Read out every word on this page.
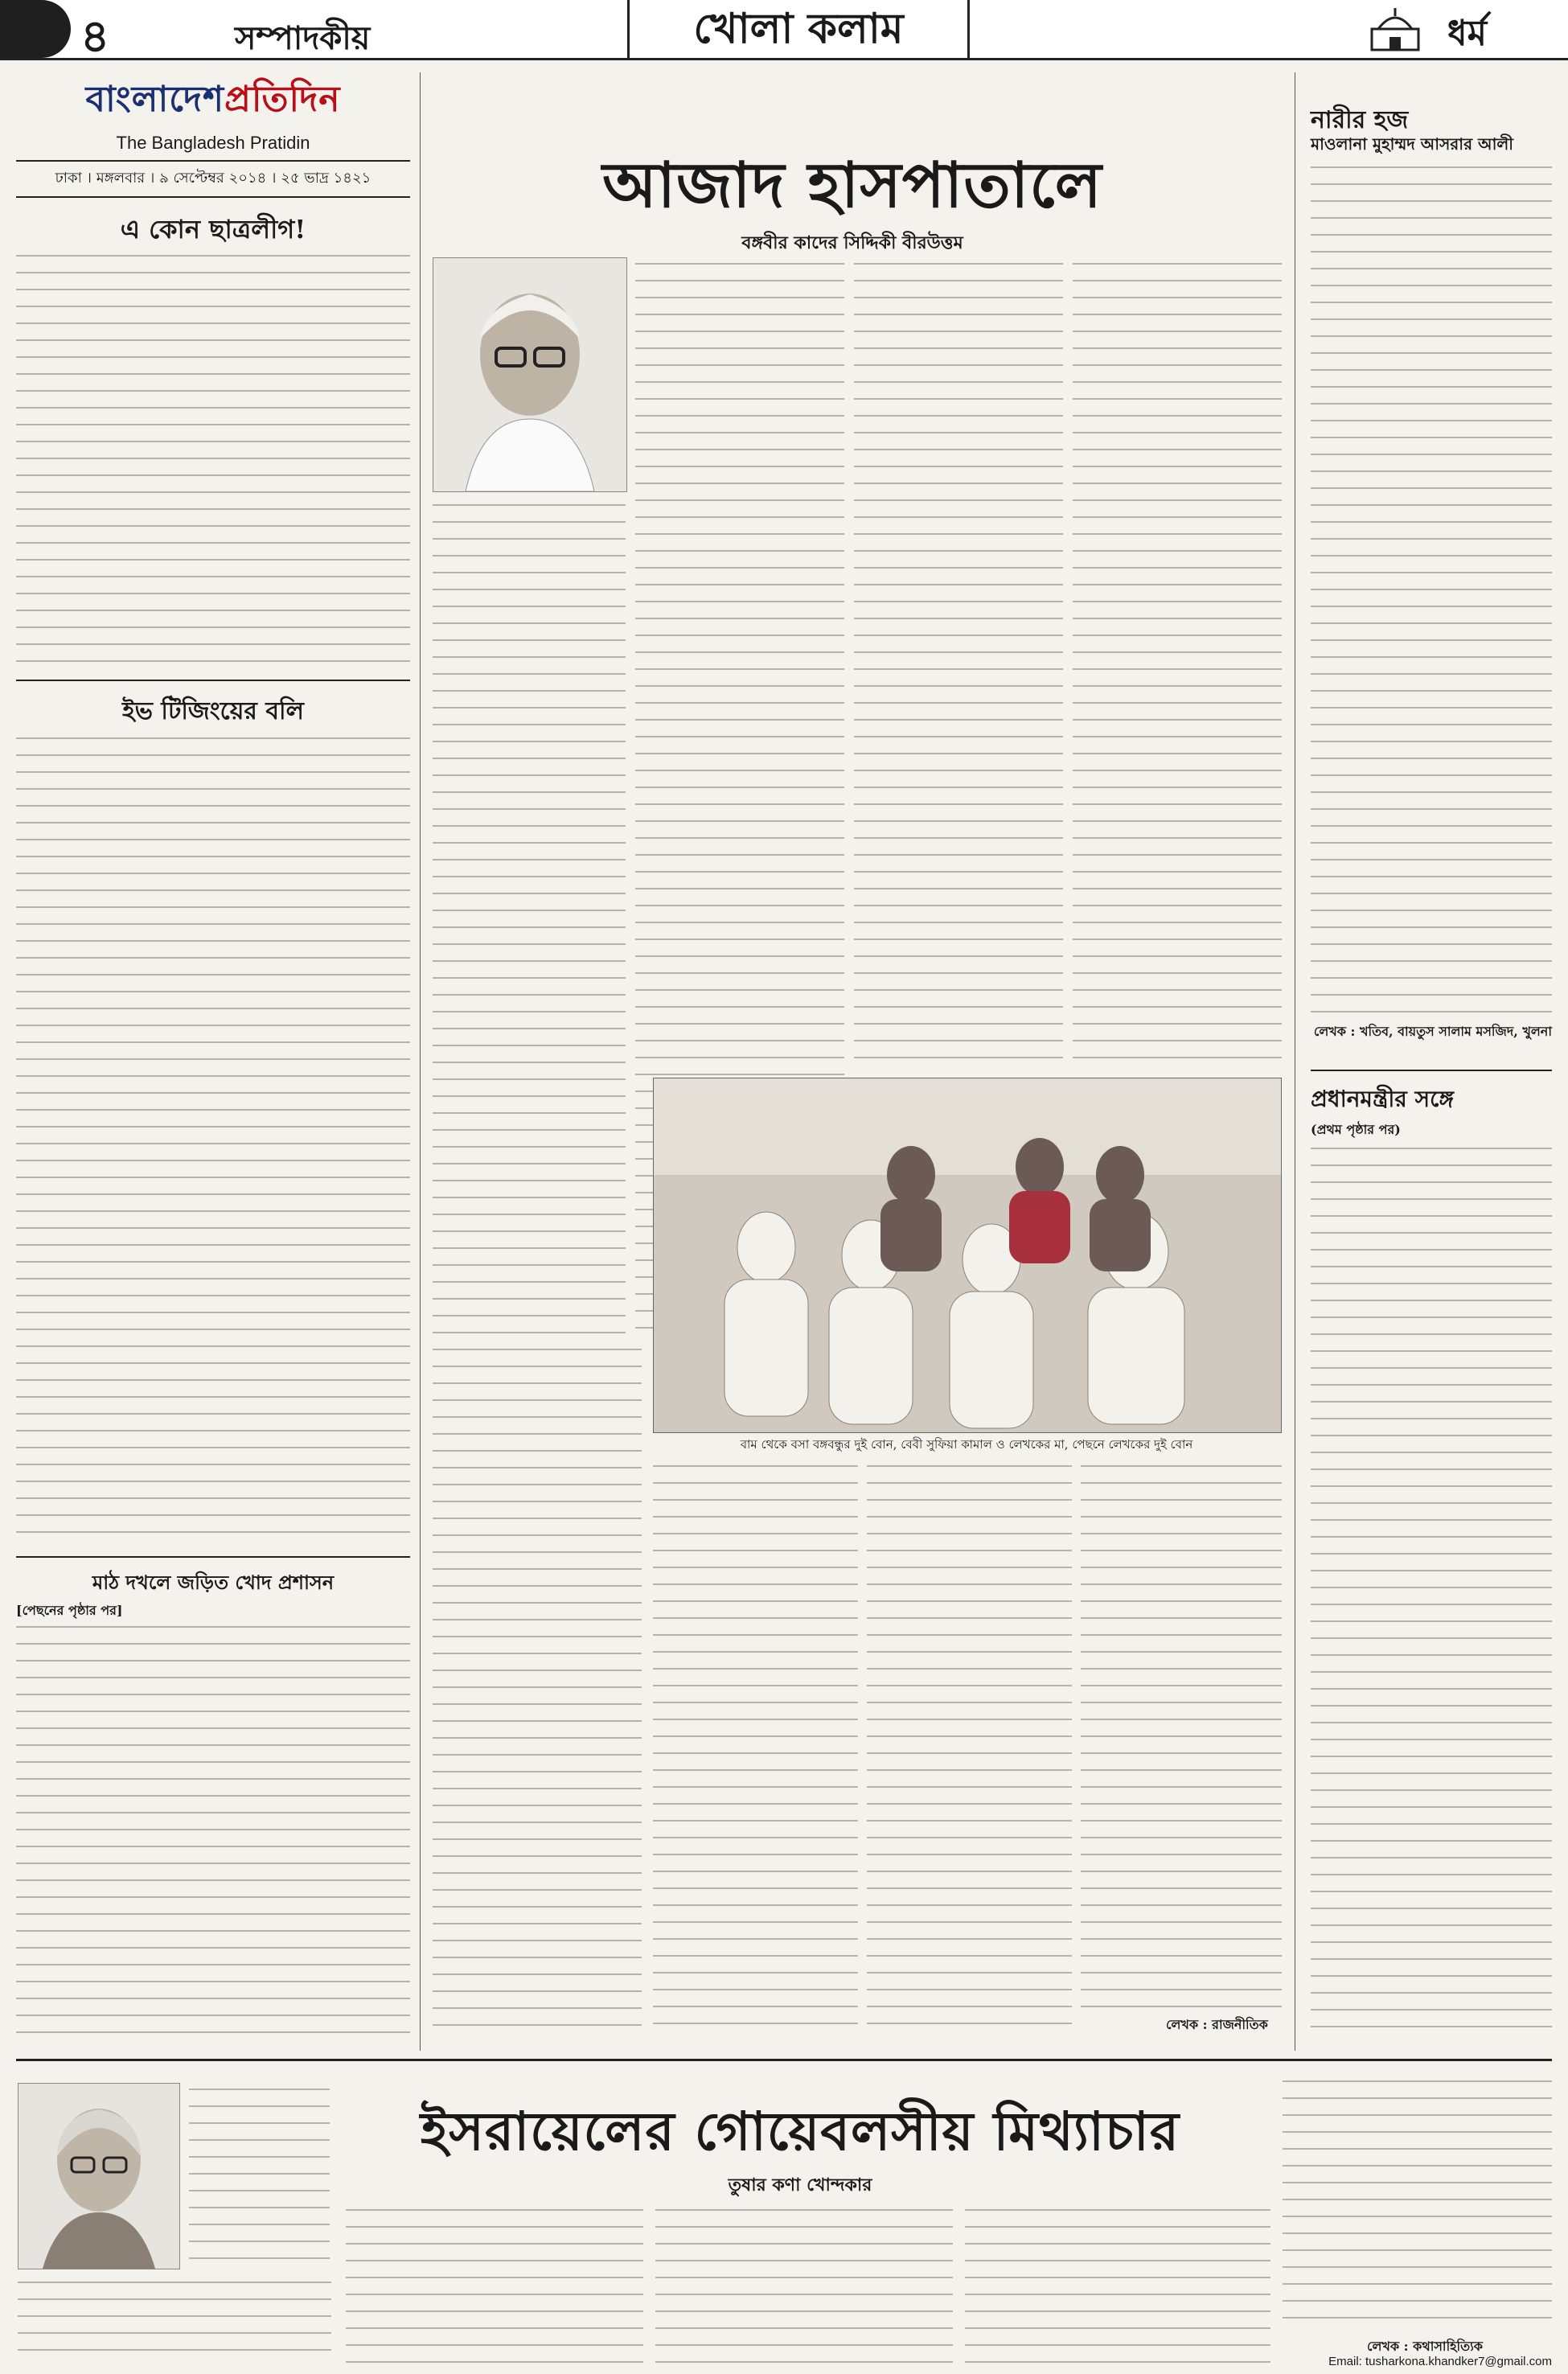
৪	সম্পাদকীয়	খোলা কলাম	ধর্ম
বাংলাদেশপ্রতিদিন
The Bangladesh Pratidin
ঢাকা । মঙ্গলবার । ৯ সেপ্টেম্বর ২০১৪ । ২৫ ভাদ্র ১৪২১
এ কোন ছাত্রলীগ!
ইভ টিজিংয়ের বলি
মাঠ দখলে জড়িত খোদ প্রশাসন
[পেছনের পৃষ্ঠার পর]
আজাদ হাসপাতালে
বঙ্গবীর কাদের সিদ্দিকী বীরউত্তম
বাম থেকে বসা বঙ্গবন্ধুর দুই বোন, বেবী সুফিয়া কামাল ও লেখকের মা, পেছনে লেখকের দুই বোন
লেখক : রাজনীতিক
নারীর হজ
মাওলানা মুহাম্মদ আসরার আলী
লেখক : খতিব, বায়তুস সালাম মসজিদ, খুলনা
প্রধানমন্ত্রীর সঙ্গে
(প্রথম পৃষ্ঠার পর)
ইসরায়েলের গোয়েবলসীয় মিথ্যাচার
তুষার কণা খোন্দকার
লেখক : কথাসাহিত্যিক
Email: tusharkona.khandker7@gmail.com
